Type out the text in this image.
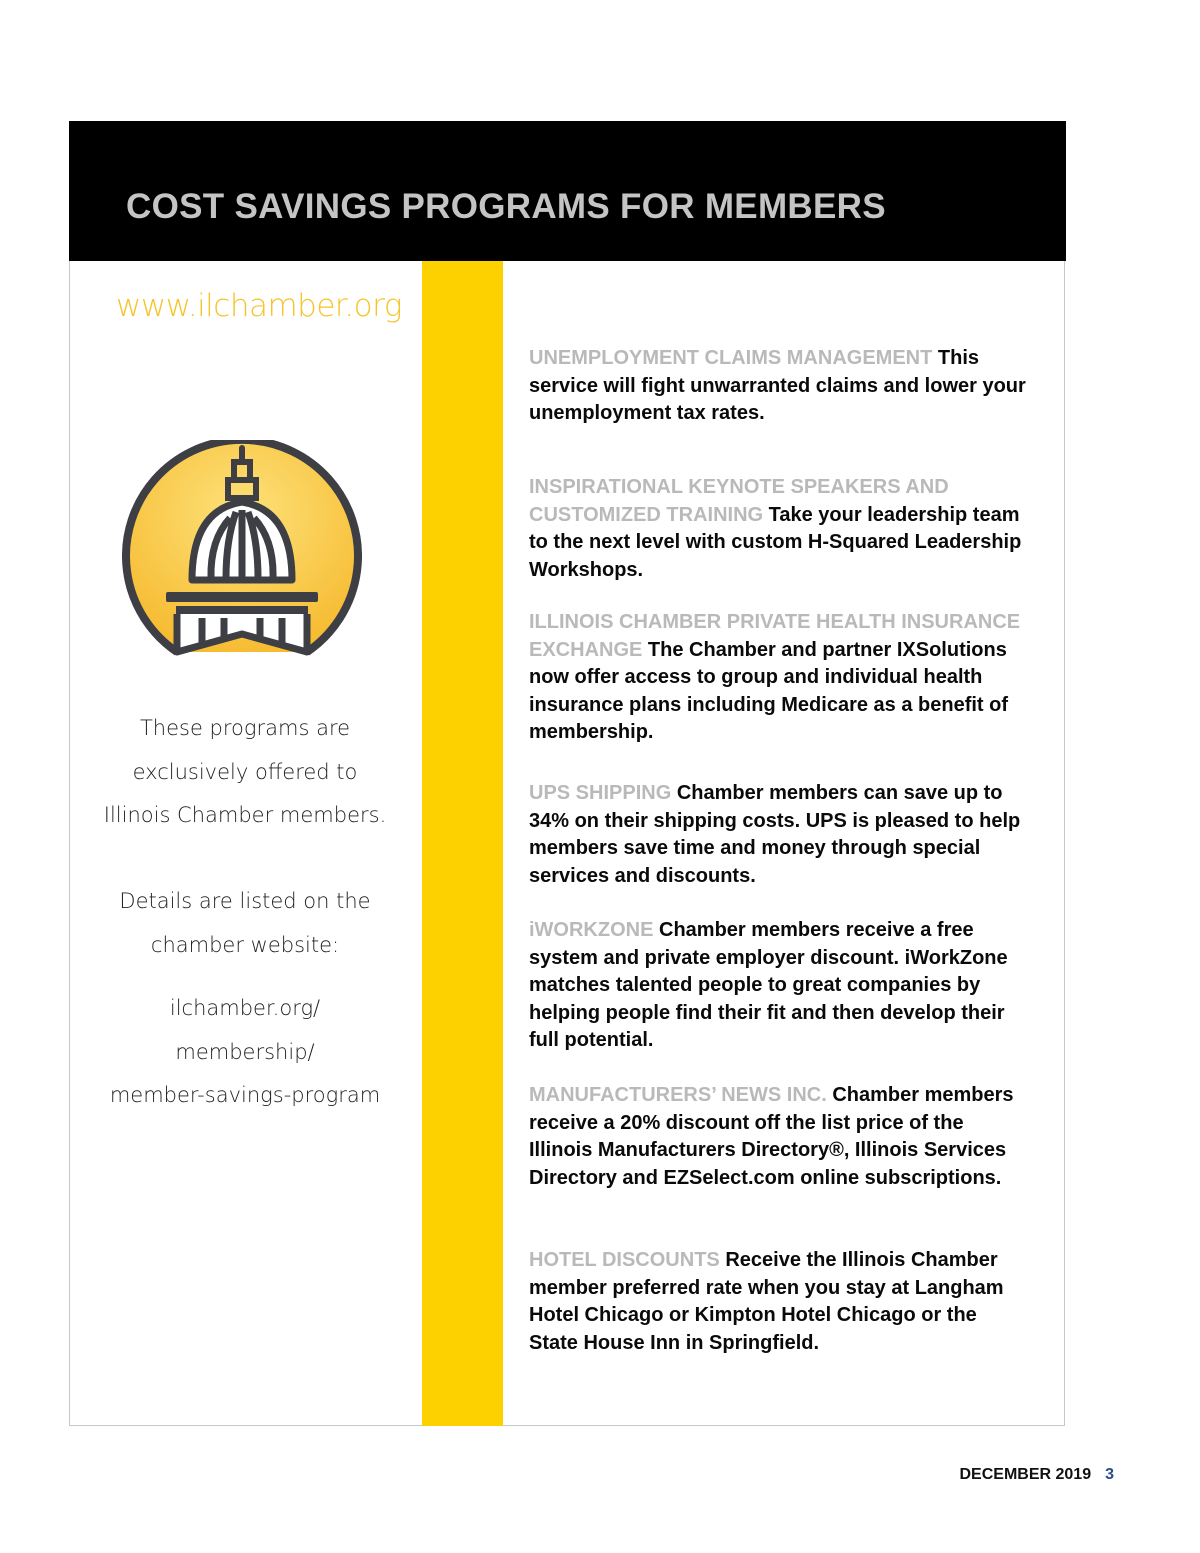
COST SAVINGS PROGRAMS FOR MEMBERS

www.ilchamber.org

These programs are
exclusively offered to
Illinois Chamber members.

Details are listed on the
chamber website:

ilchamber.org/
membership/
member-savings-program

UNEMPLOYMENT CLAIMS MANAGEMENT This service will fight unwarranted claims and lower your unemployment tax rates.

INSPIRATIONAL KEYNOTE SPEAKERS AND CUSTOMIZED TRAINING Take your leadership team to the next level with custom H-Squared Leadership Workshops.

ILLINOIS CHAMBER PRIVATE HEALTH INSURANCE EXCHANGE The Chamber and partner IXSolutions now offer access to group and individual health insurance plans including Medicare as a benefit of membership.

UPS SHIPPING Chamber members can save up to 34% on their shipping costs. UPS is pleased to help members save time and money through special services and discounts.

iWORKZONE Chamber members receive a free system and private employer discount. iWorkZone matches talented people to great companies by helping people find their fit and then develop their full potential.

MANUFACTURERS’ NEWS INC. Chamber members receive a 20% discount off the list price of the Illinois Manufacturers Directory®, Illinois Services Directory and EZSelect.com online subscriptions.

HOTEL DISCOUNTS Receive the Illinois Chamber member preferred rate when you stay at Langham Hotel Chicago or Kimpton Hotel Chicago or the State House Inn in Springfield.

DECEMBER 2019 3
